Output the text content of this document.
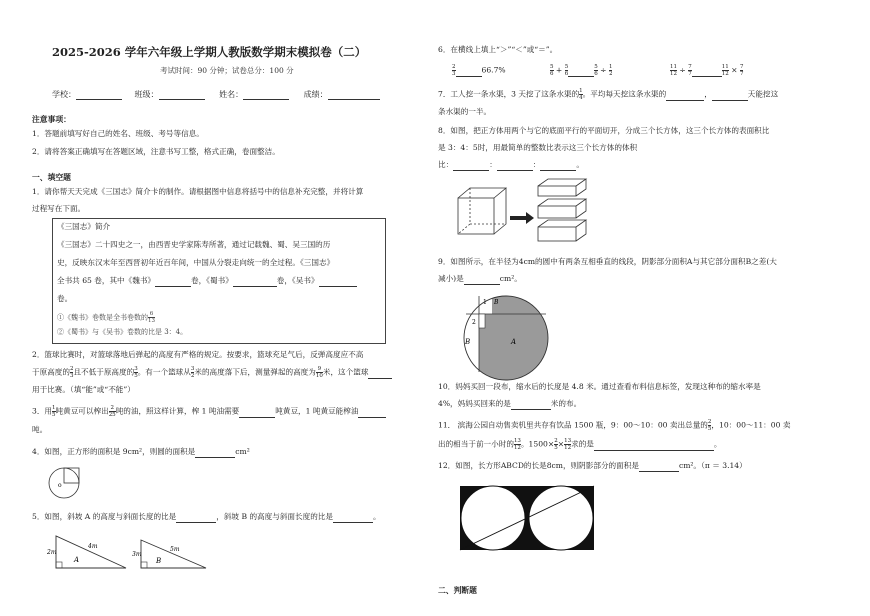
2025-2026 学年六年级上学期人教版数学期末模拟卷（二）
考试时间：90 分钟；试卷总分：100 分
学校：	班级：	姓名：	成绩：
注意事项：
1．答题前填写好自己的姓名、班级、考号等信息。
2．请将答案正确填写在答题区域，注意书写工整，格式正确，卷面整洁。
一、填空题
1．请你帮天天完成《三国志》简介卡的制作。请根据图中信息将括号中的信息补充完整，并将计算
过程写在下面。
《三国志》简介
《三国志》二十四史之一，由西晋史学家陈寿所著，通过记载魏、蜀、吴三国的历
史，反映东汉末年至西晋初年近百年间，中国从分裂走向统一的全过程。《三国志》
全书共 65 卷，其中《魏书》	卷，《蜀书》	卷，《吴书》
卷。
①《魏书》卷数是全书卷数的 $\frac{6}{13}$
②《蜀书》与《吴书》卷数的比是 3：4。
2．篮球比赛时，对篮球落地后弹起的高度有严格的规定。按要求，篮球充足气后，反弹高度应不高
于原高度的 $\frac{2}{3}$ 且不低于原高度的 $\frac{3}{5}$ 。有一个篮球从 $\frac{3}{2}$ 米的高度落下后，测量弹起的高度为 $\frac{9}{10}$ 米，这个篮球
用于比赛。（填“能”或“不能”）
3．用 $\frac{1}{5}$ 吨黄豆可以榨出 $\frac{2}{25}$ 吨的油，照这样计算，榨 1 吨油需要	吨黄豆，1 吨黄豆能榨油
吨。
4．如图，正方形的面积是 9cm²，则圆的面积是	cm²
o
5．如图，斜坡 A 的高度与斜面长度的比是	，斜坡 B 的高度与斜面长度的比是	。
2m
4m
A
3m
5m
B
6．在横线上填上“＞”“＜”或“＝”。
$\frac{2}{3}$	66.7%	$\frac{5}{6} + \frac{5}{6}$	$\frac{5}{6} \div \frac{1}{2}$	$\frac{11}{12} \div \frac{7}{7}$	$\frac{11}{12} \times \frac{7}{7}$
7．工人挖一条水渠，3 天挖了这条水渠的 $\frac{1}{4}$ 。平均每天挖这条水渠的	，	天能挖这
条水渠的一半。
8．如图，把正方体用两个与它的底面平行的平面切开，分成三个长方体，这三个长方体的表面积比
是 3：4：5时，用最简单的整数比表示这三个长方体的体积
比：	：	：	。
9．如图所示，在半径为4cm的圆中有两条互相垂直的线段，阴影部分面积A与其它部分面积B之差(大
减小)是	cm²。
1 B
2
B	A
10．妈妈买回一段布，缩水后的长度是 4.8 米。通过查看布料信息标签，发现这种布的缩水率是
4%，妈妈买回来的是	米的布。
11． 滨海公园自动售卖机里共存有饮品 1500 瓶，9：00～10：00 卖出总量的 $\frac{2}{5}$ ，10：00～11：00 卖
出的相当于前一小时的 $\frac{13}{12}$ 。$1500\times \frac{2}{5} \times \frac{13}{12}$ 求的是	。
12．如图，长方形ABCD的长是8cm，则阴影部分的面积是	cm²。（π ＝ 3.14）
二、判断题
